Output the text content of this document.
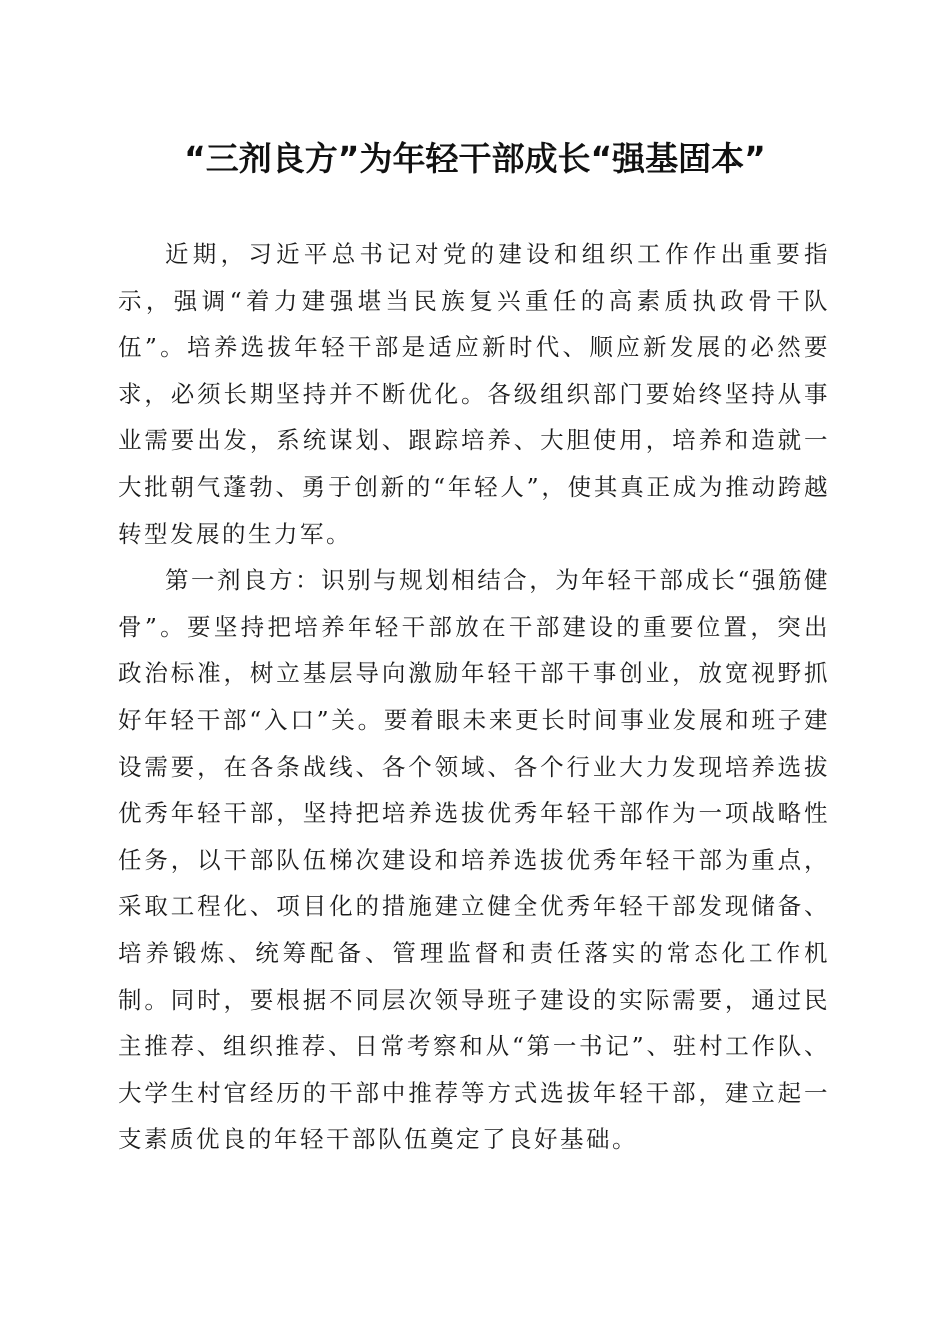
“三剂良方”为年轻干部成长“强基固本”

近期，习近平总书记对党的建设和组织工作作出重要指示，强调“着力建强堪当民族复兴重任的高素质执政骨干队伍”。培养选拔年轻干部是适应新时代、顺应新发展的必然要求，必须长期坚持并不断优化。各级组织部门要始终坚持从事业需要出发，系统谋划、跟踪培养、大胆使用，培养和造就一大批朝气蓬勃、勇于创新的“年轻人”，使其真正成为推动跨越转型发展的生力军。

第一剂良方：识别与规划相结合，为年轻干部成长“强筋健骨”。要坚持把培养年轻干部放在干部建设的重要位置，突出政治标准，树立基层导向激励年轻干部干事创业，放宽视野抓好年轻干部“入口”关。要着眼未来更长时间事业发展和班子建设需要，在各条战线、各个领域、各个行业大力发现培养选拔优秀年轻干部，坚持把培养选拔优秀年轻干部作为一项战略性任务，以干部队伍梯次建设和培养选拔优秀年轻干部为重点，采取工程化、项目化的措施建立健全优秀年轻干部发现储备、培养锻炼、统筹配备、管理监督和责任落实的常态化工作机制。同时，要根据不同层次领导班子建设的实际需要，通过民主推荐、组织推荐、日常考察和从“第一书记”、驻村工作队、大学生村官经历的干部中推荐等方式选拔年轻干部，建立起一支素质优良的年轻干部队伍奠定了良好基础。
